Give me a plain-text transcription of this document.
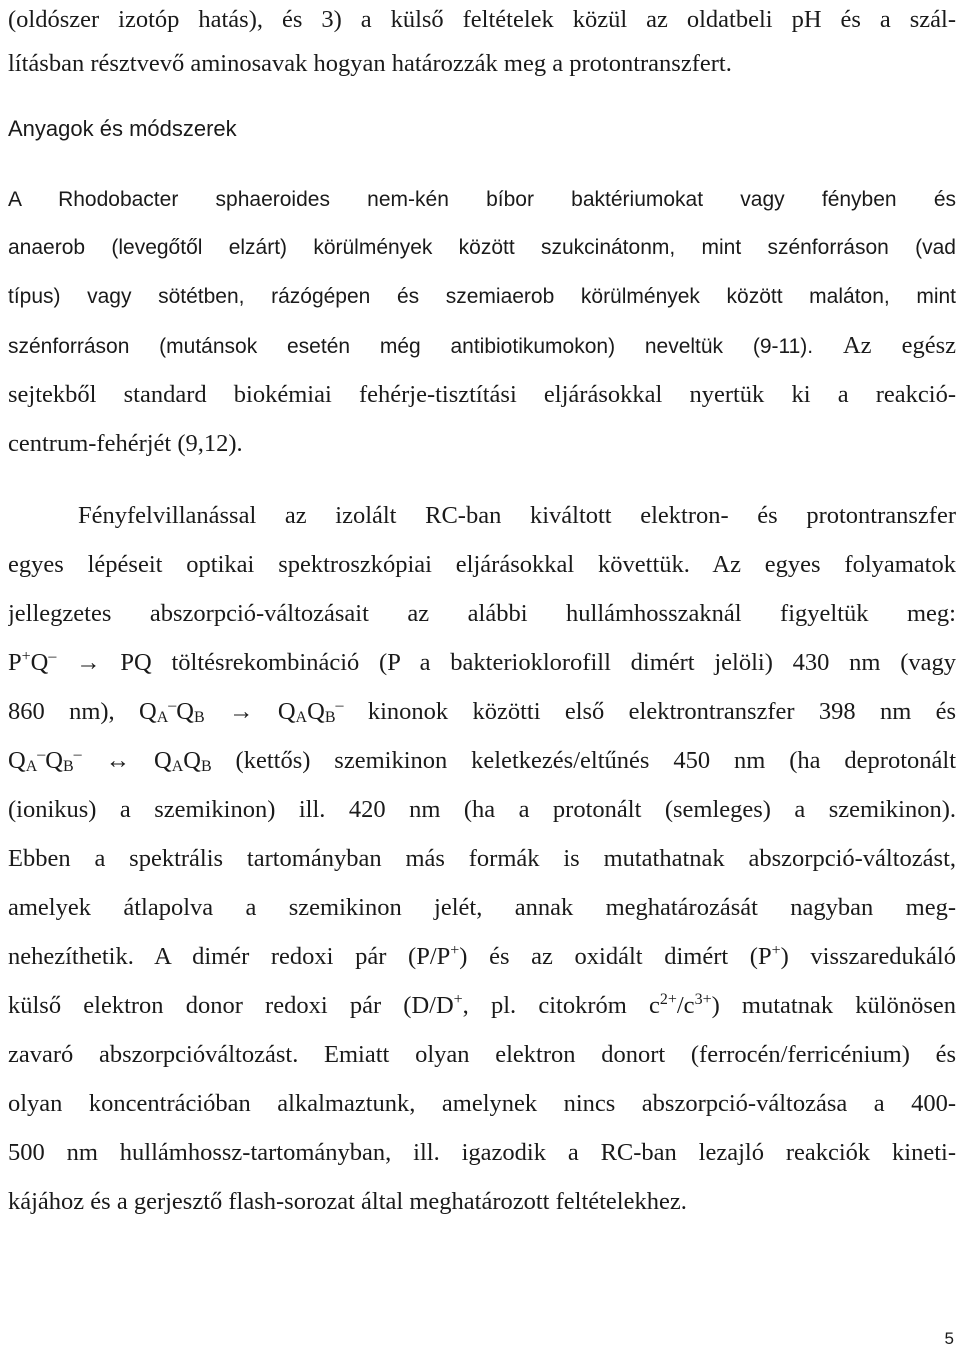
(oldószer izotóp hatás), és 3) a külső feltételek közül az oldatbeli pH és a szál-
lításban résztvevő aminosavak hogyan határozzák meg a protontranszfert.
Anyagok és módszerek
A Rhodobacter sphaeroides nem-kén bíbor baktériumokat vagy fényben és
anaerob (levegőtől elzárt) körülmények között szukcinátonm, mint szénforráson (vad
típus) vagy sötétben, rázógépen és szemiaerob körülmények között maláton, mint
szénforráson (mutánsok esetén még antibiotikumokon) neveltük (9-11). Az egész
sejtekből standard biokémiai fehérje-tisztítási eljárásokkal nyertük ki a reakció-
centrum-fehérjét (9,12).
Fényfelvillanással az izolált RC-ban kiváltott elektron- és protontranszfer
egyes lépéseit optikai spektroszkópiai eljárásokkal követtük. Az egyes folyamatok
jellegzetes abszorpció-változásait az alábbi hullámhosszaknál figyeltük meg:
P+Q– → PQ töltésrekombináció (P a bakterioklorofill dimért jelöli) 430 nm (vagy
860 nm), QA–QB → QAQB– kinonok közötti első elektrontranszfer 398 nm és
QA–QB– ↔ QAQB (kettős) szemikinon keletkezés/eltűnés 450 nm (ha deprotonált
(ionikus) a szemikinon) ill. 420 nm (ha a protonált (semleges) a szemikinon).
Ebben a spektrális tartományban más formák is mutathatnak abszorpció-változást,
amelyek átlapolva a szemikinon jelét, annak meghatározását nagyban meg-
nehezíthetik. A dimér redoxi pár (P/P+) és az oxidált dimért (P+) visszaredukáló
külső elektron donor redoxi pár (D/D+, pl. citokróm $c^{2+}/c^{3+}$) mutatnak különösen
zavaró abszorpcióváltozást. Emiatt olyan elektron donort (ferrocén/ferricénium) és
olyan koncentrációban alkalmaztunk, amelynek nincs abszorpció-változása a 400-
500 nm hullámhossz-tartományban, ill. igazodik a RC-ban lezajló reakciók kineti-
kájához és a gerjesztő flash-sorozat által meghatározott feltételekhez.
5
